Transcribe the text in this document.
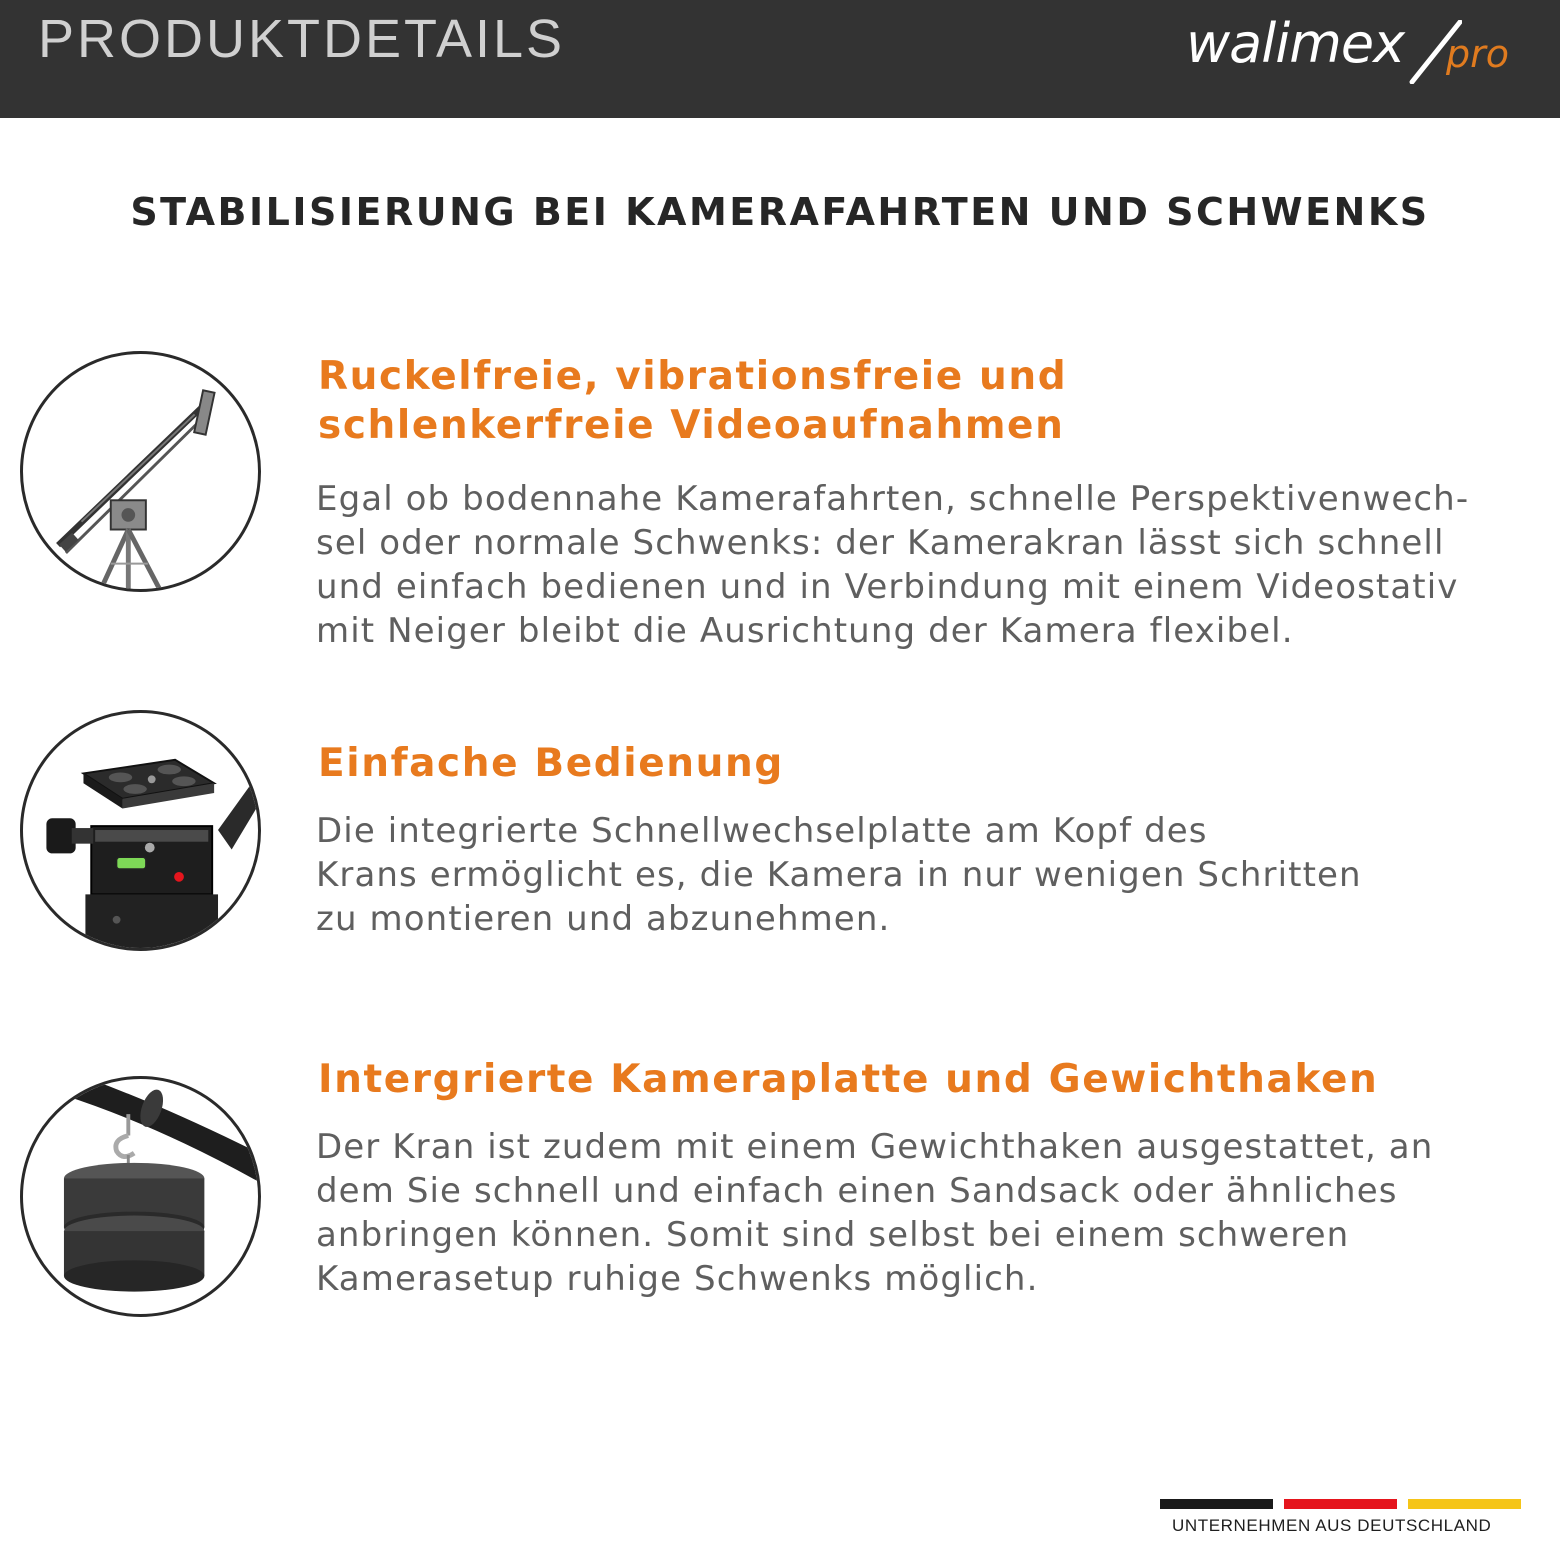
PRODUKTDETAILS	walimex pro
STABILISIERUNG BEI KAMERAFAHRTEN UND SCHWENKS
Ruckelfreie, vibrationsfreie und
schlenkerfreie Videoaufnahmen
Egal ob bodennahe Kamerafahrten, schnelle Perspektivenwech-
sel oder normale Schwenks: der Kamerakran lässt sich schnell
und einfach bedienen und in Verbindung mit einem Videostativ
mit Neiger bleibt die Ausrichtung der Kamera flexibel.
Einfache Bedienung
Die integrierte Schnellwechselplatte am Kopf des
Krans ermöglicht es, die Kamera in nur wenigen Schritten
zu montieren und abzunehmen.
Intergrierte Kameraplatte und Gewichthaken
Der Kran ist zudem mit einem Gewichthaken ausgestattet, an
dem Sie schnell und einfach einen Sandsack oder ähnliches
anbringen können. Somit sind selbst bei einem schweren
Kamerasetup ruhige Schwenks möglich.
UNTERNEHMEN AUS DEUTSCHLAND
